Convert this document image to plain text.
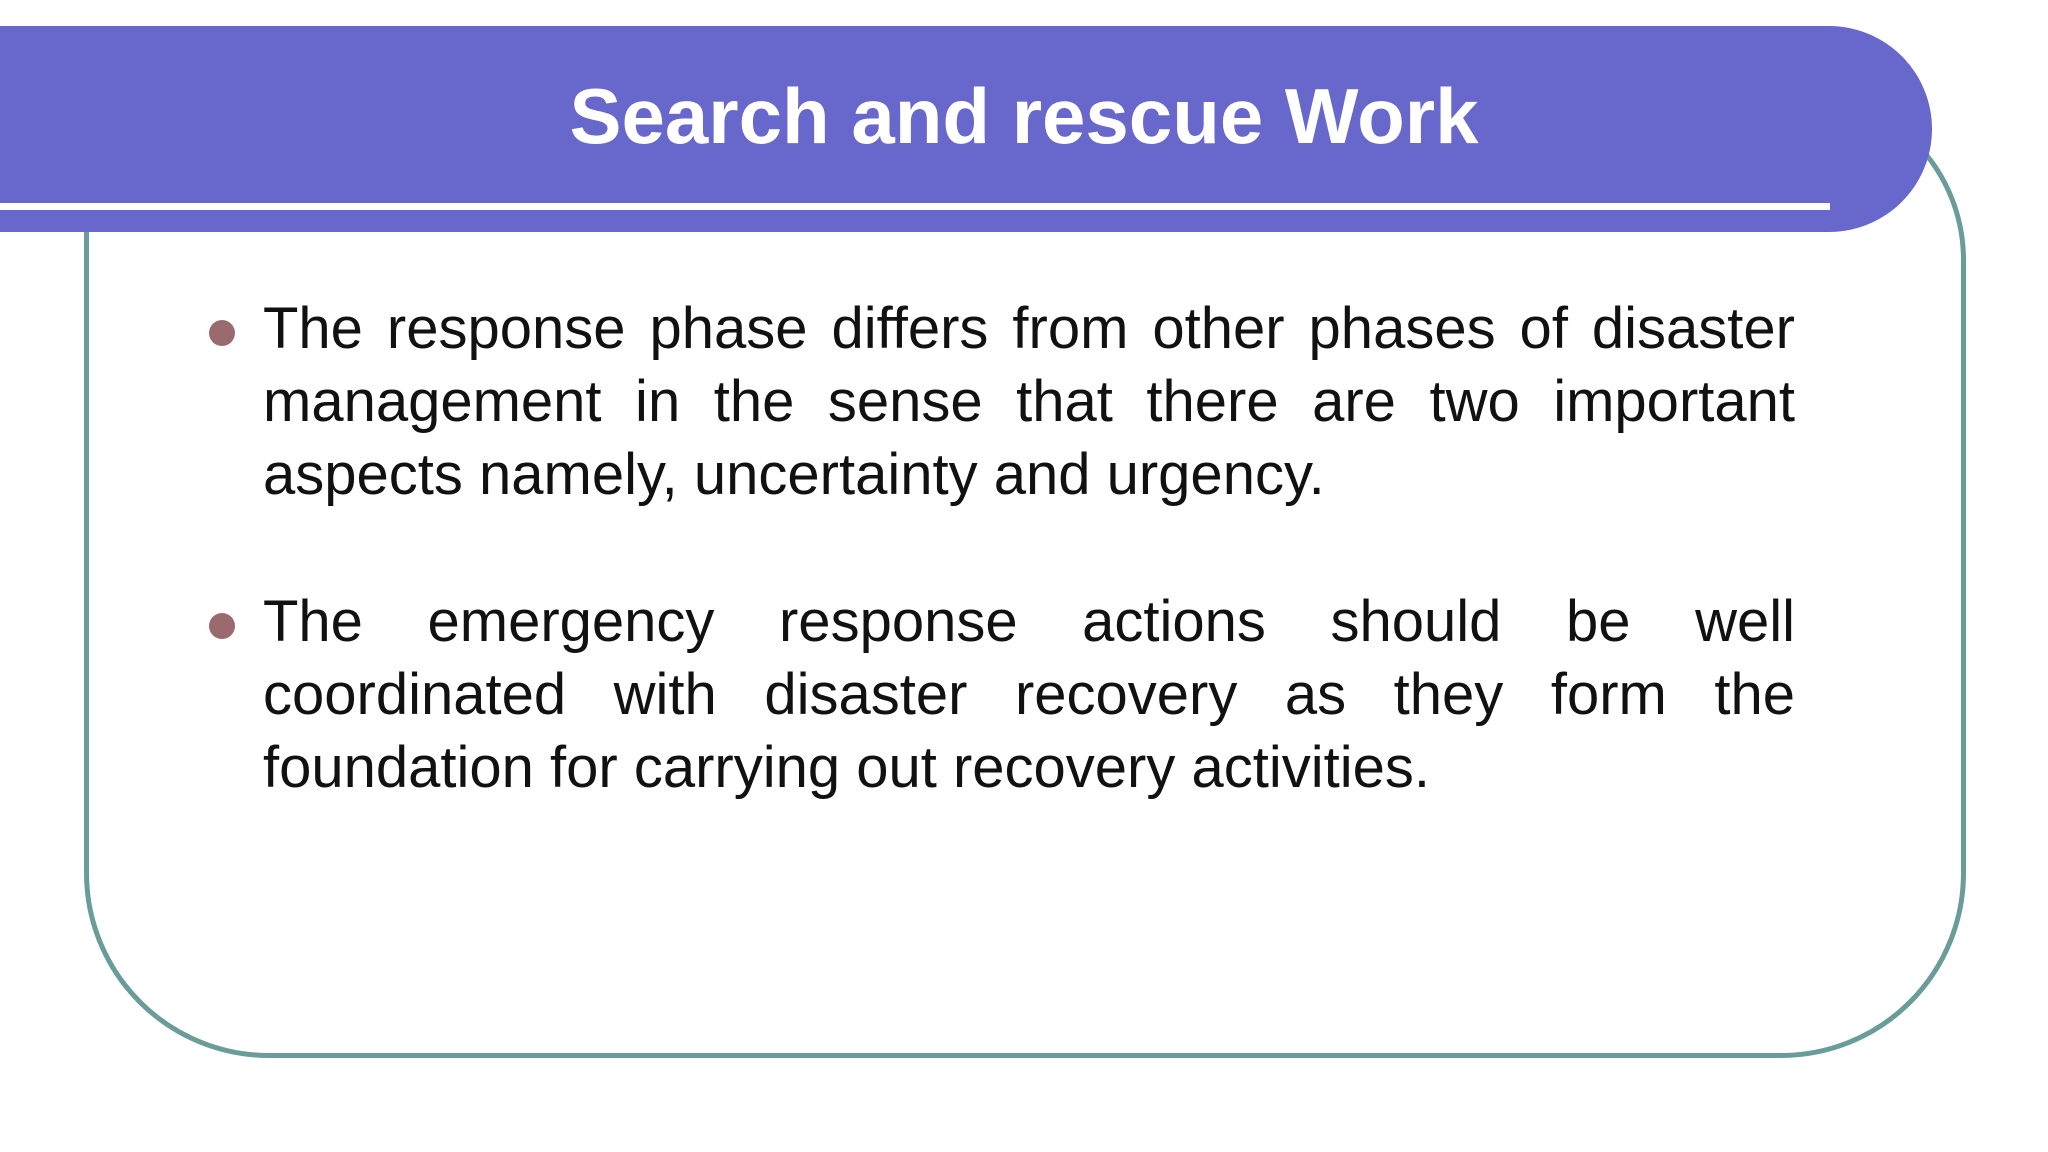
Search and rescue Work
The response phase differs from other phases of disaster management in the sense that there are two important aspects namely, uncertainty and urgency.
The emergency response actions should be well coordinated with disaster recovery as they form the foundation for carrying out recovery activities.
